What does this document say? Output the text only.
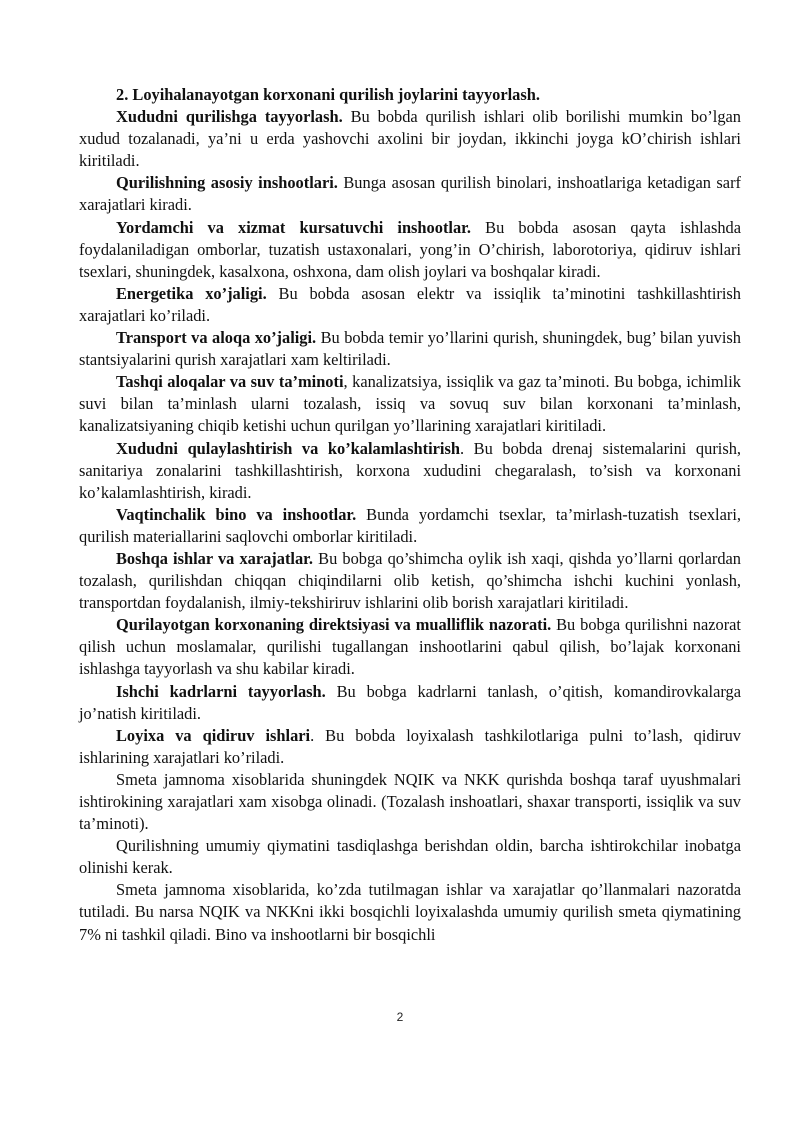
2. Loyihalanayotgan korxonani qurilish joylarini tayyorlash.

Xududni qurilishga tayyorlash. Bu bobda qurilish ishlari olib borilishi mumkin bo’lgan xudud tozalanadi, ya’ni u erda yashovchi axolini bir joydan, ikkinchi joyga kO’chirish ishlari kiritiladi.

Qurilishning asosiy inshootlari. Bunga asosan qurilish binolari, inshoatlariga ketadigan sarf xarajatlari kiradi.

Yordamchi va xizmat kursatuvchi inshootlar. Bu bobda asosan qayta ishlashda foydalaniladigan omborlar, tuzatish ustaxonalari, yong’in O’chirish, laborotoriya, qidiruv ishlari tsexlari, shuningdek, kasalxona, oshxona, dam olish joylari va boshqalar kiradi.

Energetika xo’jaligi. Bu bobda asosan elektr va issiqlik ta’minotini tashkillashtirish xarajatlari ko’riladi.

Transport va aloqa xo’jaligi. Bu bobda temir yo’llarini qurish, shuningdek, bug’ bilan yuvish stantsiyalarini qurish xarajatlari xam keltiriladi.

Tashqi aloqalar va suv ta’minoti, kanalizatsiya, issiqlik va gaz ta’minoti. Bu bobga, ichimlik suvi bilan ta’minlash ularni tozalash, issiq va sovuq suv bilan korxonani ta’minlash, kanalizatsiyaning chiqib ketishi uchun qurilgan yo’llarining xarajatlari kiritiladi.

Xududni qulaylashtirish va ko’kalamlashtirish. Bu bobda drenaj sistemalarini qurish, sanitariya zonalarini tashkillashtirish, korxona xududini chegaralash, to’sish va korxonani ko’kalamlashtirish, kiradi.

Vaqtinchalik bino va inshootlar. Bunda yordamchi tsexlar, ta’mirlash-tuzatish tsexlari, qurilish materiallarini saqlovchi omborlar kiritiladi.

Boshqa ishlar va xarajatlar. Bu bobga qo’shimcha oylik ish xaqi, qishda yo’llarni qorlardan tozalash, qurilishdan chiqqan chiqindilarni olib ketish, qo’shimcha ishchi kuchini yonlash, transportdan foydalanish, ilmiy-tekshiriruv ishlarini olib borish xarajatlari kiritiladi.

Qurilayotgan korxonaning direktsiyasi va mualliflik nazorati. Bu bobga qurilishni nazorat qilish uchun moslamalar, qurilishi tugallangan inshootlarini qabul qilish, bo’lajak korxonani ishlashga tayyorlash va shu kabilar kiradi.

Ishchi kadrlarni tayyorlash. Bu bobga kadrlarni tanlash, o’qitish, komandirovkalarga jo’natish kiritiladi.

Loyixa va qidiruv ishlari. Bu bobda loyixalash tashkilotlariga pulni to’lash, qidiruv ishlarining xarajatlari ko’riladi.

Smeta jamnoma xisoblarida shuningdek NQIK va NKK qurishda boshqa taraf uyushmalari ishtirokining xarajatlari xam xisobga olinadi. (Tozalash inshoatlari, shaxar transporti, issiqlik va suv ta’minoti).

Qurilishning umumiy qiymatini tasdiqlashga berishdan oldin, barcha ishtirokchilar inobatga olinishi kerak.

Smeta jamnoma xisoblarida, ko’zda tutilmagan ishlar va xarajatlar qo’llanmalari nazoratda tutiladi. Bu narsa NQIK va NKKni ikki bosqichli loyixalashda umumiy qurilish smeta qiymatining 7% ni tashkil qiladi. Bino va inshootlarni bir bosqichli

2
